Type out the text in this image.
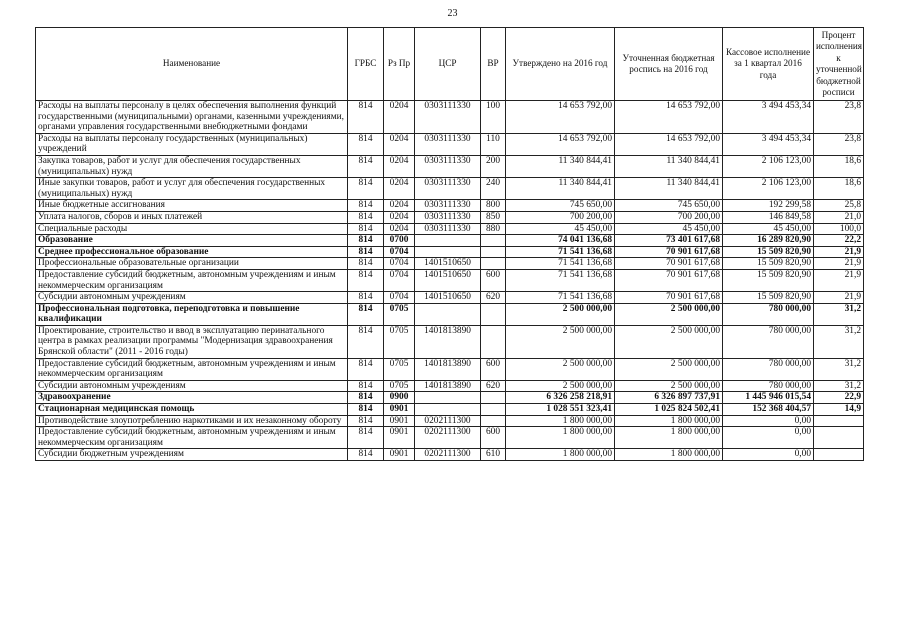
23
Наименование	ГРБС	Рз Пр	ЦСР	ВР	Утверждено на 2016 год	Уточненная бюджетная роспись на 2016 год	Кассовое исполнение за 1 квартал 2016 года	Процент исполнения к уточненной бюджетной росписи
Расходы на выплаты персоналу в целях обеспечения выполнения функций государственными (муниципальными) органами, казенными учреждениями, органами управления государственными внебюджетными фондами	814	0204	0303111330	100	14 653 792,00	14 653 792,00	3 494 453,34	23,8
Расходы на выплаты персоналу государственных (муниципальных) учреждений	814	0204	0303111330	110	14 653 792,00	14 653 792,00	3 494 453,34	23,8
Закупка товаров, работ и услуг для обеспечения государственных (муниципальных) нужд	814	0204	0303111330	200	11 340 844,41	11 340 844,41	2 106 123,00	18,6
Иные закупки товаров, работ и услуг для обеспечения государственных (муниципальных) нужд	814	0204	0303111330	240	11 340 844,41	11 340 844,41	2 106 123,00	18,6
Иные бюджетные ассигнования	814	0204	0303111330	800	745 650,00	745 650,00	192 299,58	25,8
Уплата налогов, сборов и иных платежей	814	0204	0303111330	850	700 200,00	700 200,00	146 849,58	21,0
Специальные расходы	814	0204	0303111330	880	45 450,00	45 450,00	45 450,00	100,0
Образование	814	0700			74 041 136,68	73 401 617,68	16 289 820,90	22,2
Среднее профессиональное образование	814	0704			71 541 136,68	70 901 617,68	15 509 820,90	21,9
Профессиональные образовательные организации	814	0704	1401510650		71 541 136,68	70 901 617,68	15 509 820,90	21,9
Предоставление субсидий бюджетным, автономным учреждениям и иным некоммерческим организациям	814	0704	1401510650	600	71 541 136,68	70 901 617,68	15 509 820,90	21,9
Субсидии автономным учреждениям	814	0704	1401510650	620	71 541 136,68	70 901 617,68	15 509 820,90	21,9
Профессиональная подготовка, переподготовка и повышение квалификации	814	0705			2 500 000,00	2 500 000,00	780 000,00	31,2
Проектирование, строительство и ввод в эксплуатацию перинатального центра в рамках реализации программы "Модернизация здравоохранения Брянской области" (2011 - 2016 годы)	814	0705	1401813890		2 500 000,00	2 500 000,00	780 000,00	31,2
Предоставление субсидий бюджетным, автономным учреждениям и иным некоммерческим организациям	814	0705	1401813890	600	2 500 000,00	2 500 000,00	780 000,00	31,2
Субсидии автономным учреждениям	814	0705	1401813890	620	2 500 000,00	2 500 000,00	780 000,00	31,2
Здравоохранение	814	0900			6 326 258 218,91	6 326 897 737,91	1 445 946 015,54	22,9
Стационарная медицинская помощь	814	0901			1 028 551 323,41	1 025 824 502,41	152 368 404,57	14,9
Противодействие злоупотреблению наркотиками и их незаконному обороту	814	0901	0202111300		1 800 000,00	1 800 000,00	0,00	
Предоставление субсидий бюджетным, автономным учреждениям и иным некоммерческим организациям	814	0901	0202111300	600	1 800 000,00	1 800 000,00	0,00	
Субсидии бюджетным учреждениям	814	0901	0202111300	610	1 800 000,00	1 800 000,00	0,00	
